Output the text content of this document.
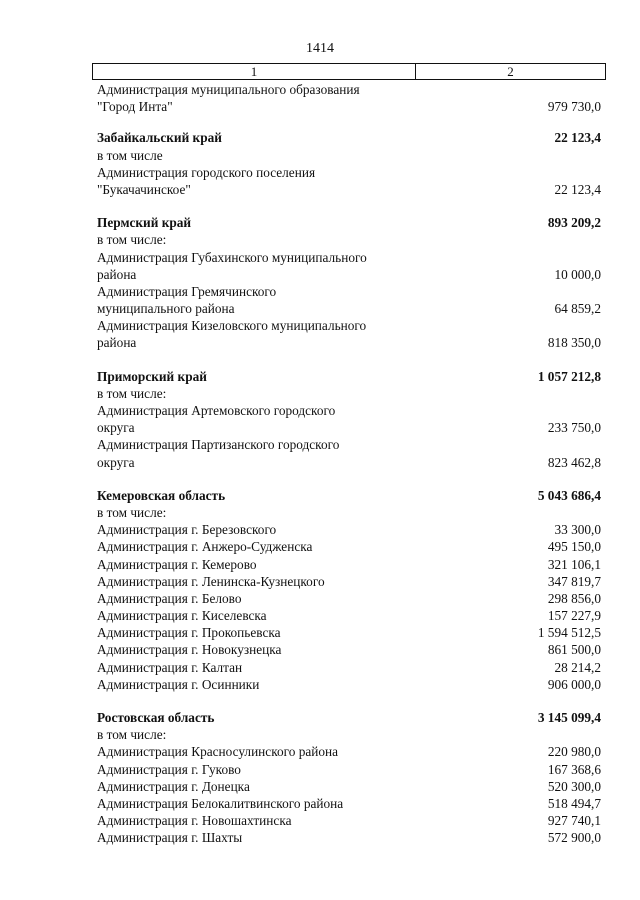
1414
1	2
Администрация муниципального образования
"Город Инта"	979 730,0
Забайкальский край	22 123,4
в том числе
Администрация городского поселения
"Букачачинское"	22 123,4
Пермский край	893 209,2
в том числе:
Администрация Губахинского муниципального
района	10 000,0
Администрация Гремячинского
муниципального района	64 859,2
Администрация Кизеловского муниципального
района	818 350,0
Приморский край	1 057 212,8
в том числе:
Администрация Артемовского городского
округа	233 750,0
Администрация Партизанского городского
округа	823 462,8
Кемеровская область	5 043 686,4
в том числе:
Администрация г. Березовского	33 300,0
Администрация г. Анжеро-Судженска	495 150,0
Администрация г. Кемерово	321 106,1
Администрация г. Ленинска-Кузнецкого	347 819,7
Администрация г. Белово	298 856,0
Администрация г. Киселевска	157 227,9
Администрация г. Прокопьевска	1 594 512,5
Администрация г. Новокузнецка	861 500,0
Администрация г. Калтан	28 214,2
Администрация г. Осинники	906 000,0
Ростовская область	3 145 099,4
в том числе:
Администрация Красносулинского района	220 980,0
Администрация г. Гуково	167 368,6
Администрация г. Донецка	520 300,0
Администрация Белокалитвинского района	518 494,7
Администрация г. Новошахтинска	927 740,1
Администрация г. Шахты	572 900,0
